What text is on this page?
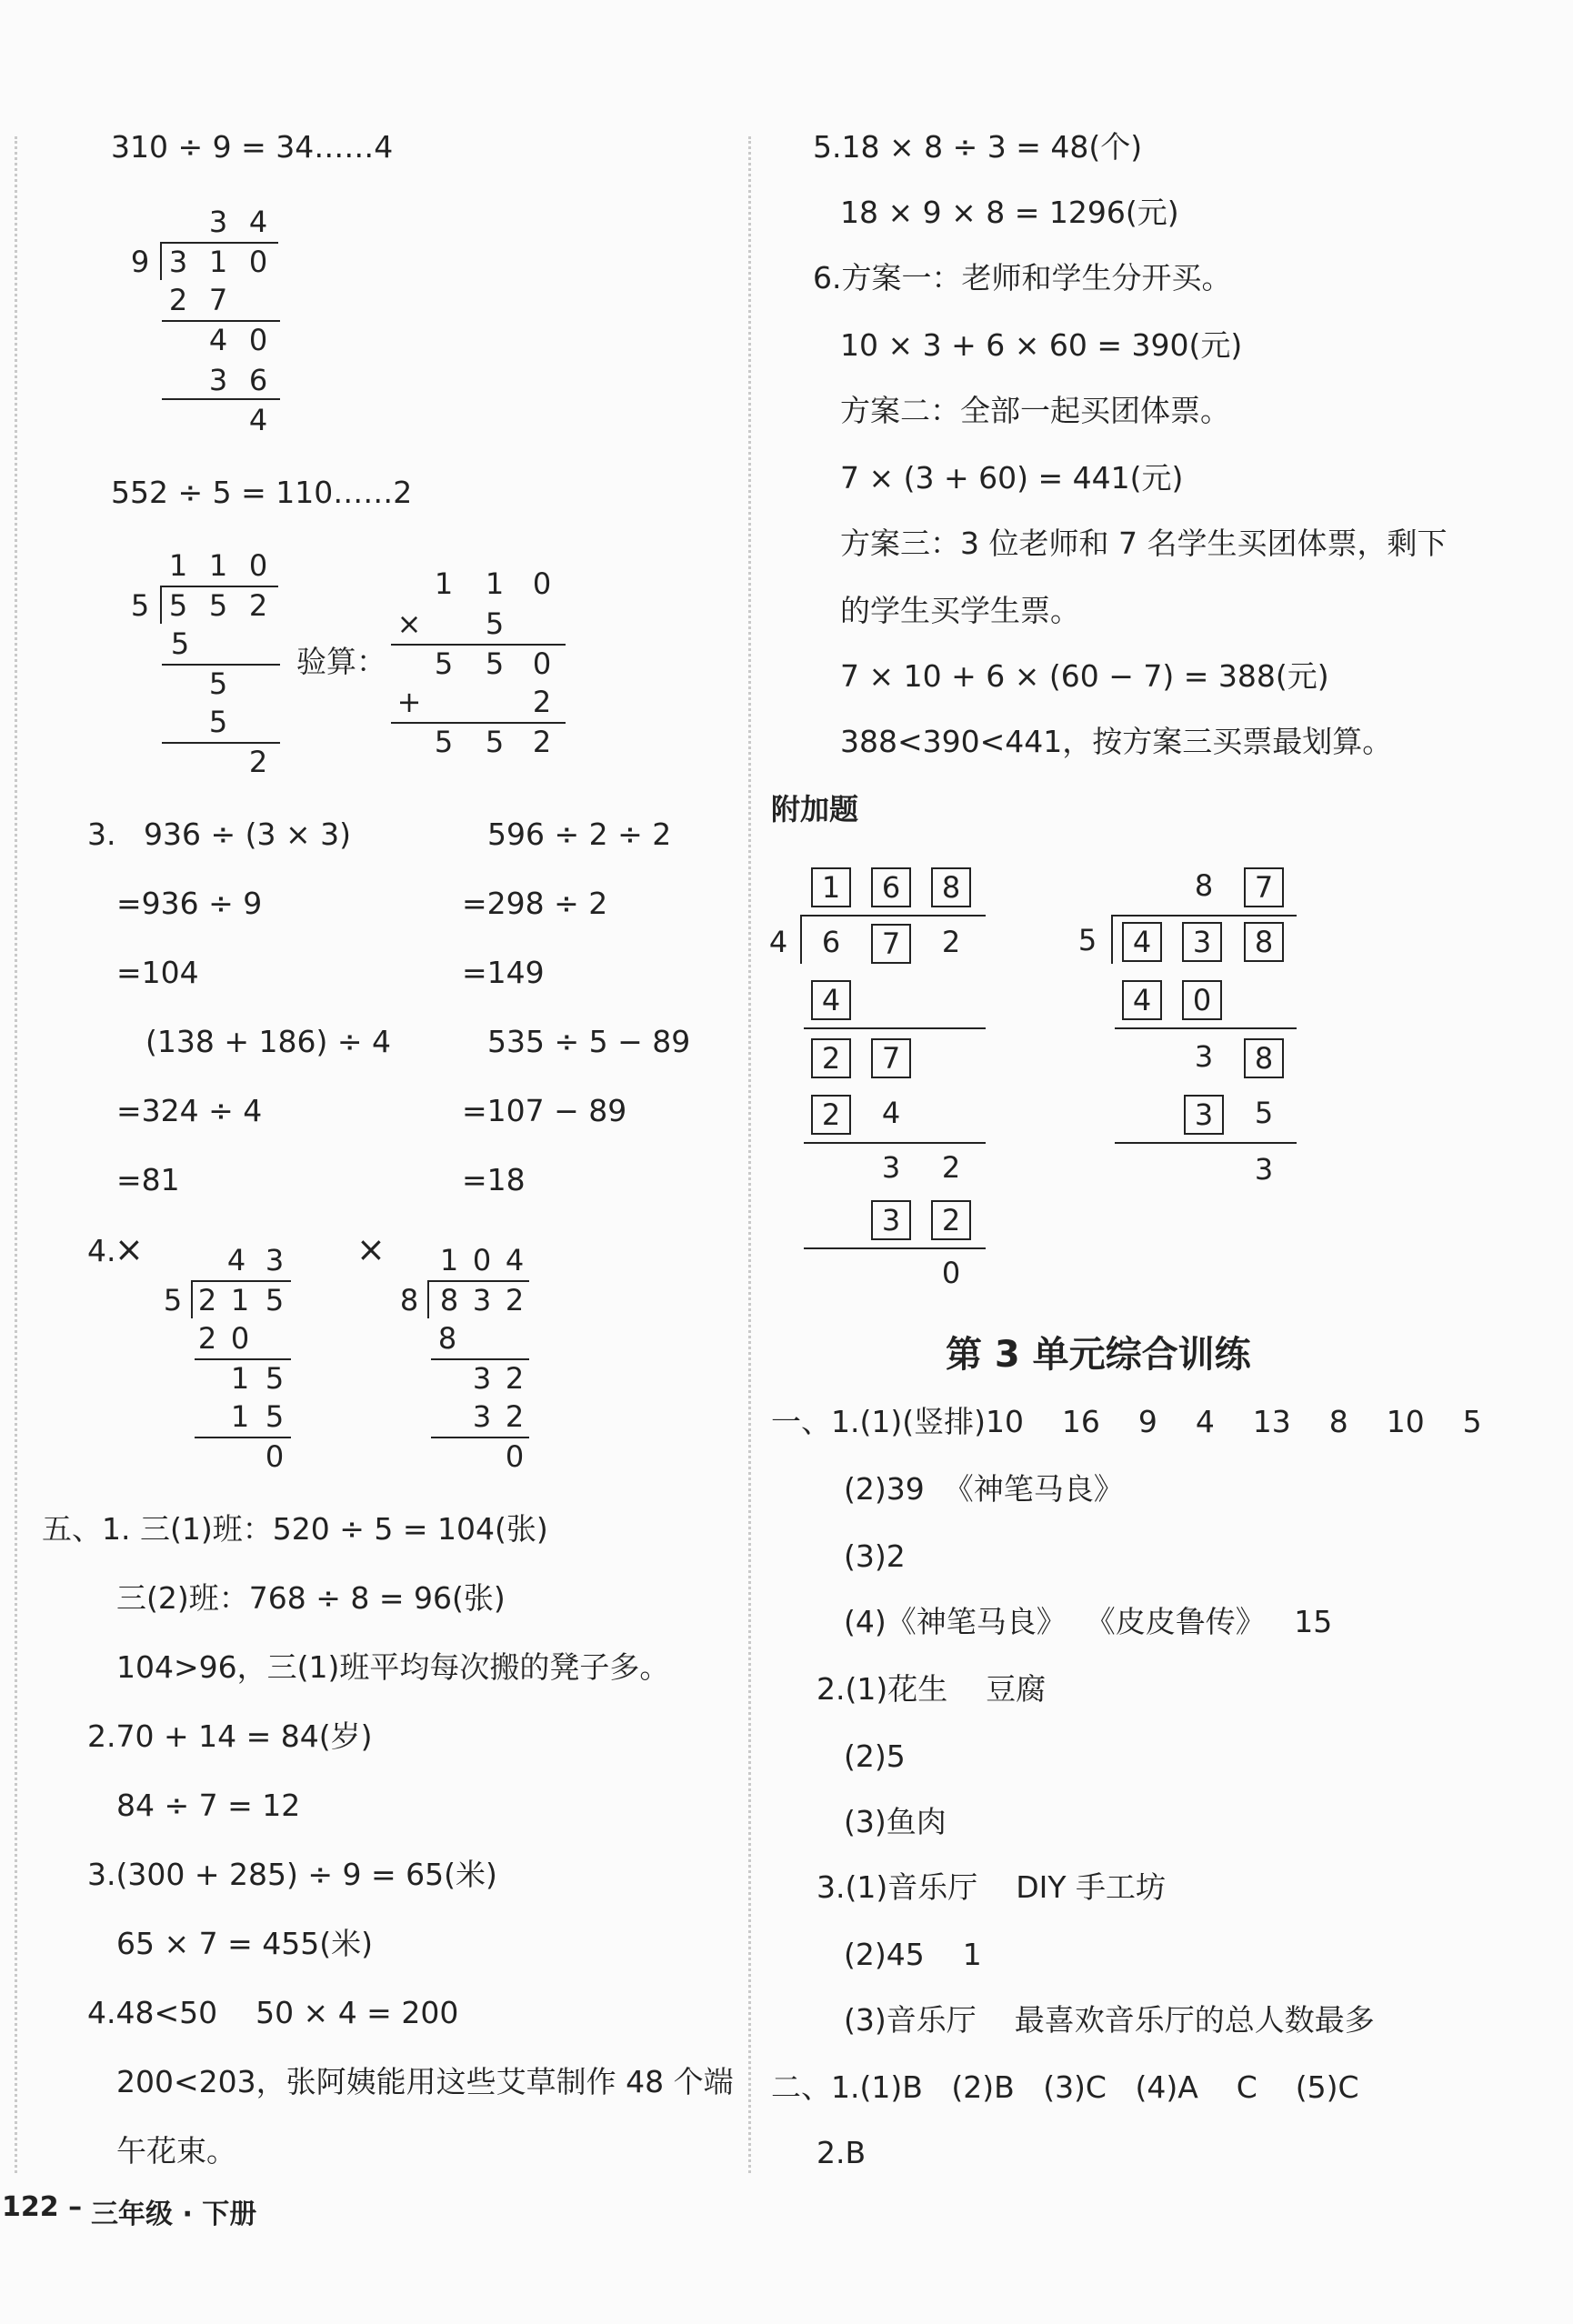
310 ÷ 9 = 34……4
3 4
9 3 1 0
2 7
4 0
3 6
4
552 ÷ 5 = 110……2
1 1 0
5 5 5 2
5
5
5
2
验算：
1	1 0
×	5
5	5 0
+	2
5	5 2
3. 936 ÷ (3 × 3)	596 ÷ 2 ÷ 2
=936 ÷ 9	=298 ÷ 2
=104	=149
(138 + 186) ÷ 4	535 ÷ 5 − 89
=324 ÷ 4	=107 − 89
=81	=18
4.
×	×
4 3
5 2 1 5
2 0
1 5
1 5
0
1 0 4
8 8 3 2
8
3 2
3 2
0
五、1. 三(1)班：520 ÷ 5 = 104(张)
三(2)班：768 ÷ 8 = 96(张)
104>96，三(1)班平均每次搬的凳子多。
2.70 + 14 = 84(岁)
84 ÷ 7 = 12
3.(300 + 285) ÷ 9 = 65(米)
65 × 7 = 455(米)
4.48<50    50 × 4 = 200
200<203，张阿姨能用这些艾草制作 48 个端
午花束。
5.18 × 8 ÷ 3 = 48(个)
18 × 9 × 8 = 1296(元)
6.方案一：老师和学生分开买。
10 × 3 + 6 × 60 = 390(元)
方案二：全部一起买团体票。
7 × (3 + 60) = 441(元)
方案三：3 位老师和 7 名学生买团体票，剩下
的学生买学生票。
7 × 10 + 6 × (60 − 7) = 388(元)
388<390<441，按方案三买票最划算。
附加题
1	6	8
4	6	7	2
4
2	7
2	4
3	2
3	2
0
8	7
5	4	3	8
4	0
3	8
3	5
3
第 3 单元综合训练
一、1.(1)(竖排)10    16    9    4    13    8    10    5
(2)39  《神笔马良》
(3)2
(4)《神笔马良》  《皮皮鲁传》   15
2.(1)花生    豆腐
(2)5
(3)鱼肉
3.(1)音乐厅    DIY 手工坊
(2)45    1
(3)音乐厅    最喜欢音乐厅的总人数最多
二、1.(1)B   (2)B   (3)C   (4)A    C    (5)C
2.B
122 – 三年级 · 下册
